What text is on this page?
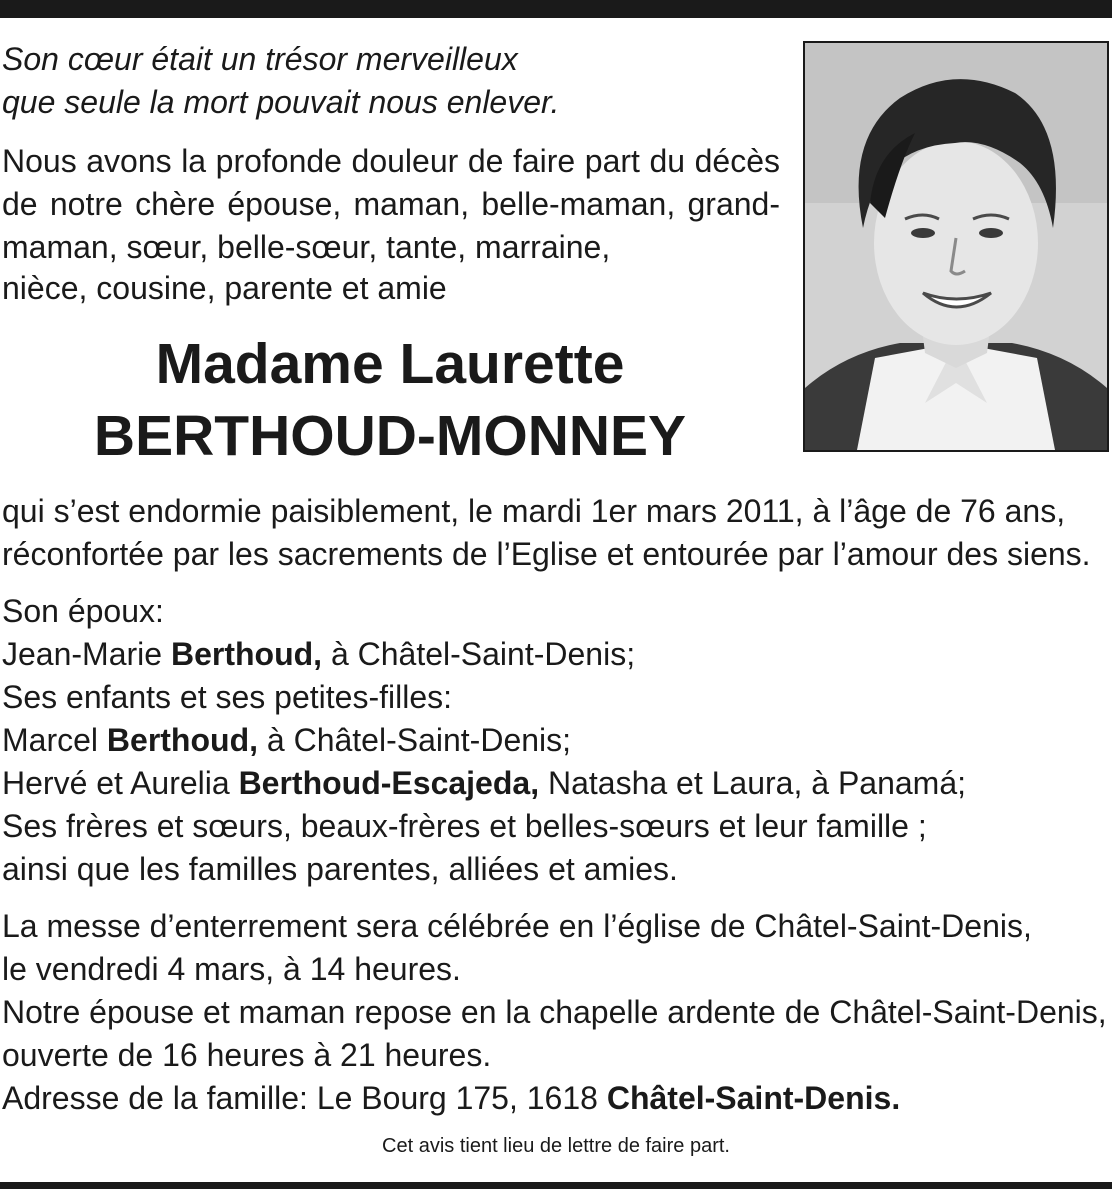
Son cœur était un trésor merveilleux
que seule la mort pouvait nous enlever.
Nous avons la profonde douleur de faire part du décès de notre chère épouse, maman, belle-maman, grand-maman, sœur, belle-sœur, tante, marraine,
nièce, cousine, parente et amie
Madame Laurette
BERTHOUD-MONNEY
qui s’est endormie paisiblement, le mardi 1er mars 2011, à l’âge de 76 ans,
réconfortée par les sacrements de l’Eglise et entourée par l’amour des siens.
Son époux:
Jean-Marie Berthoud, à Châtel-Saint-Denis;
Ses enfants et ses petites-filles:
Marcel Berthoud, à Châtel-Saint-Denis;
Hervé et Aurelia Berthoud-Escajeda, Natasha et Laura, à Panamá;
Ses frères et sœurs, beaux-frères et belles-sœurs et leur famille ;
ainsi que les familles parentes, alliées et amies.
La messe d’enterrement sera célébrée en l’église de Châtel-Saint-Denis,
le vendredi 4 mars, à 14 heures.
Notre épouse et maman repose en la chapelle ardente de Châtel-Saint-Denis,
ouverte de 16 heures à 21 heures.
Adresse de la famille: Le Bourg 175, 1618 Châtel-Saint-Denis.
Cet avis tient lieu de lettre de faire part.
